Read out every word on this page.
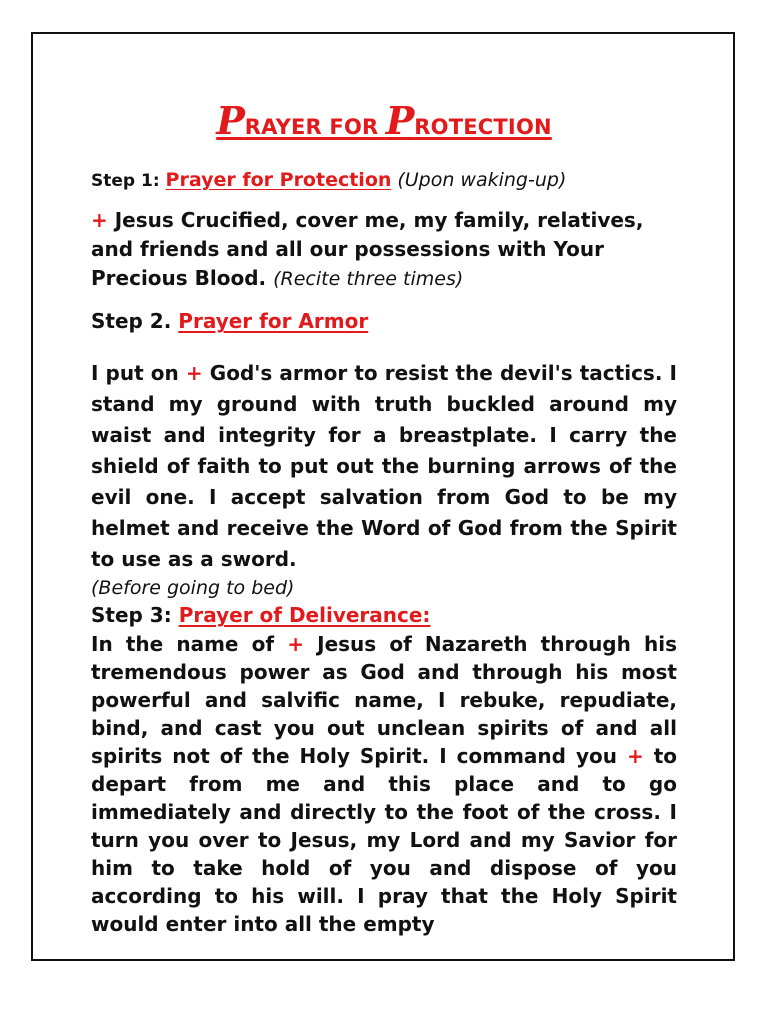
PRAYER FOR PROTECTION

Step 1: Prayer for Protection (Upon waking-up)

+ Jesus Crucified, cover me, my family, relatives, and friends and all our possessions with Your Precious Blood. (Recite three times)

Step 2. Prayer for Armor

I put on + God's armor to resist the devil's tactics. I stand my ground with truth buckled around my waist and integrity for a breastplate. I carry the shield of faith to put out the burning arrows of the evil one. I accept salvation from God to be my helmet and receive the Word of God from the Spirit to use as a sword.

(Before going to bed)

Step 3: Prayer of Deliverance:

In the name of + Jesus of Nazareth through his tremendous power as God and through his most powerful and salvific name, I rebuke, repudiate, bind, and cast you out unclean spirits of and all spirits not of the Holy Spirit. I command you + to depart from me and this place and to go immediately and directly to the foot of the cross. I turn you over to Jesus, my Lord and my Savior for him to take hold of you and dispose of you according to his will. I pray that the Holy Spirit would enter into all the empty
